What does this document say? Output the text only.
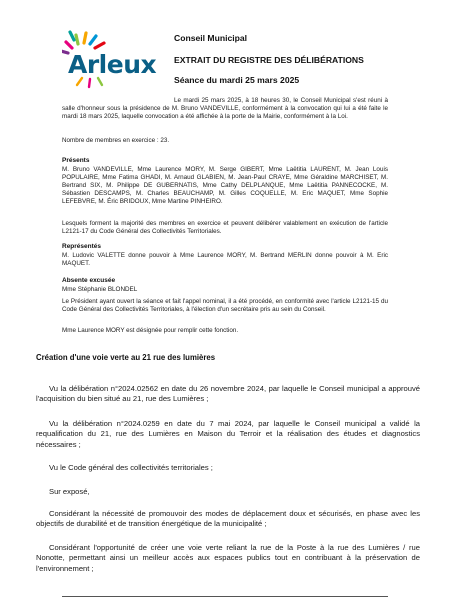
Arleux
Conseil Municipal
EXTRAIT DU REGISTRE DES DÉLIBÉRATIONS
Séance du mardi 25 mars 2025
Le mardi 25 mars 2025, à 18 heures 30, le Conseil Municipal s'est réuni à salle d'honneur sous la présidence de M. Bruno VANDEVILLE, conformément à la convocation qui lui a été faite le mardi 18 mars 2025, laquelle convocation a été affichée à la porte de la Mairie, conformément à la Loi.
Nombre de membres en exercice : 23.
Présents
M. Bruno VANDEVILLE, Mme Laurence MORY, M. Serge GIBERT, Mme Laëtitia LAURENT, M. Jean Louis POPULAIRE, Mme Fatima GHADI, M. Arnaud GLABIEN, M. Jean-Paul CRAYE, Mme Géraldine MARCHISET, M. Bertrand SIX, M. Philippe DE GUBERNATIS, Mme Cathy DELPLANQUE, Mme Laëtitia PANNECOCKE, M. Sébastien DESCAMPS, M. Charles BEAUCHAMP, M. Gilles COQUELLE, M. Eric MAQUET, Mme Sophie LEFEBVRE, M. Éric BRIDOUX, Mme Martine PINHEIRO.
Lesquels forment la majorité des membres en exercice et peuvent délibérer valablement en exécution de l'article L2121-17 du Code Général des Collectivités Territoriales.
Représentés
M. Ludovic VALETTE donne pouvoir à Mme Laurence MORY, M. Bertrand MERLIN donne pouvoir à M. Eric MAQUET.
Absente excusée
Mme Stéphanie BLONDEL
Le Président ayant ouvert la séance et fait l'appel nominal, il a été procédé, en conformité avec l'article L2121-15 du Code Général des Collectivités Territoriales, à l'élection d'un secrétaire pris au sein du Conseil.
Mme Laurence MORY est désignée pour remplir cette fonction.
Création d'une voie verte au 21 rue des lumières
Vu la délibération n°2024.02562 en date du 26 novembre 2024, par laquelle le Conseil municipal a approuvé l'acquisition du bien situé au 21, rue des Lumières ;
Vu la délibération n°2024.0259 en date du 7 mai 2024, par laquelle le Conseil municipal a validé la requalification du 21, rue des Lumières en Maison du Terroir et la réalisation des études et diagnostics nécessaires ;
Vu le Code général des collectivités territoriales ;
Sur exposé,
Considérant la nécessité de promouvoir des modes de déplacement doux et sécurisés, en phase avec les objectifs de durabilité et de transition énergétique de la municipalité ;
Considérant l'opportunité de créer une voie verte reliant la rue de la Poste à la rue des Lumières / rue Nonotte, permettant ainsi un meilleur accès aux espaces publics tout en contribuant à la préservation de l'environnement ;
